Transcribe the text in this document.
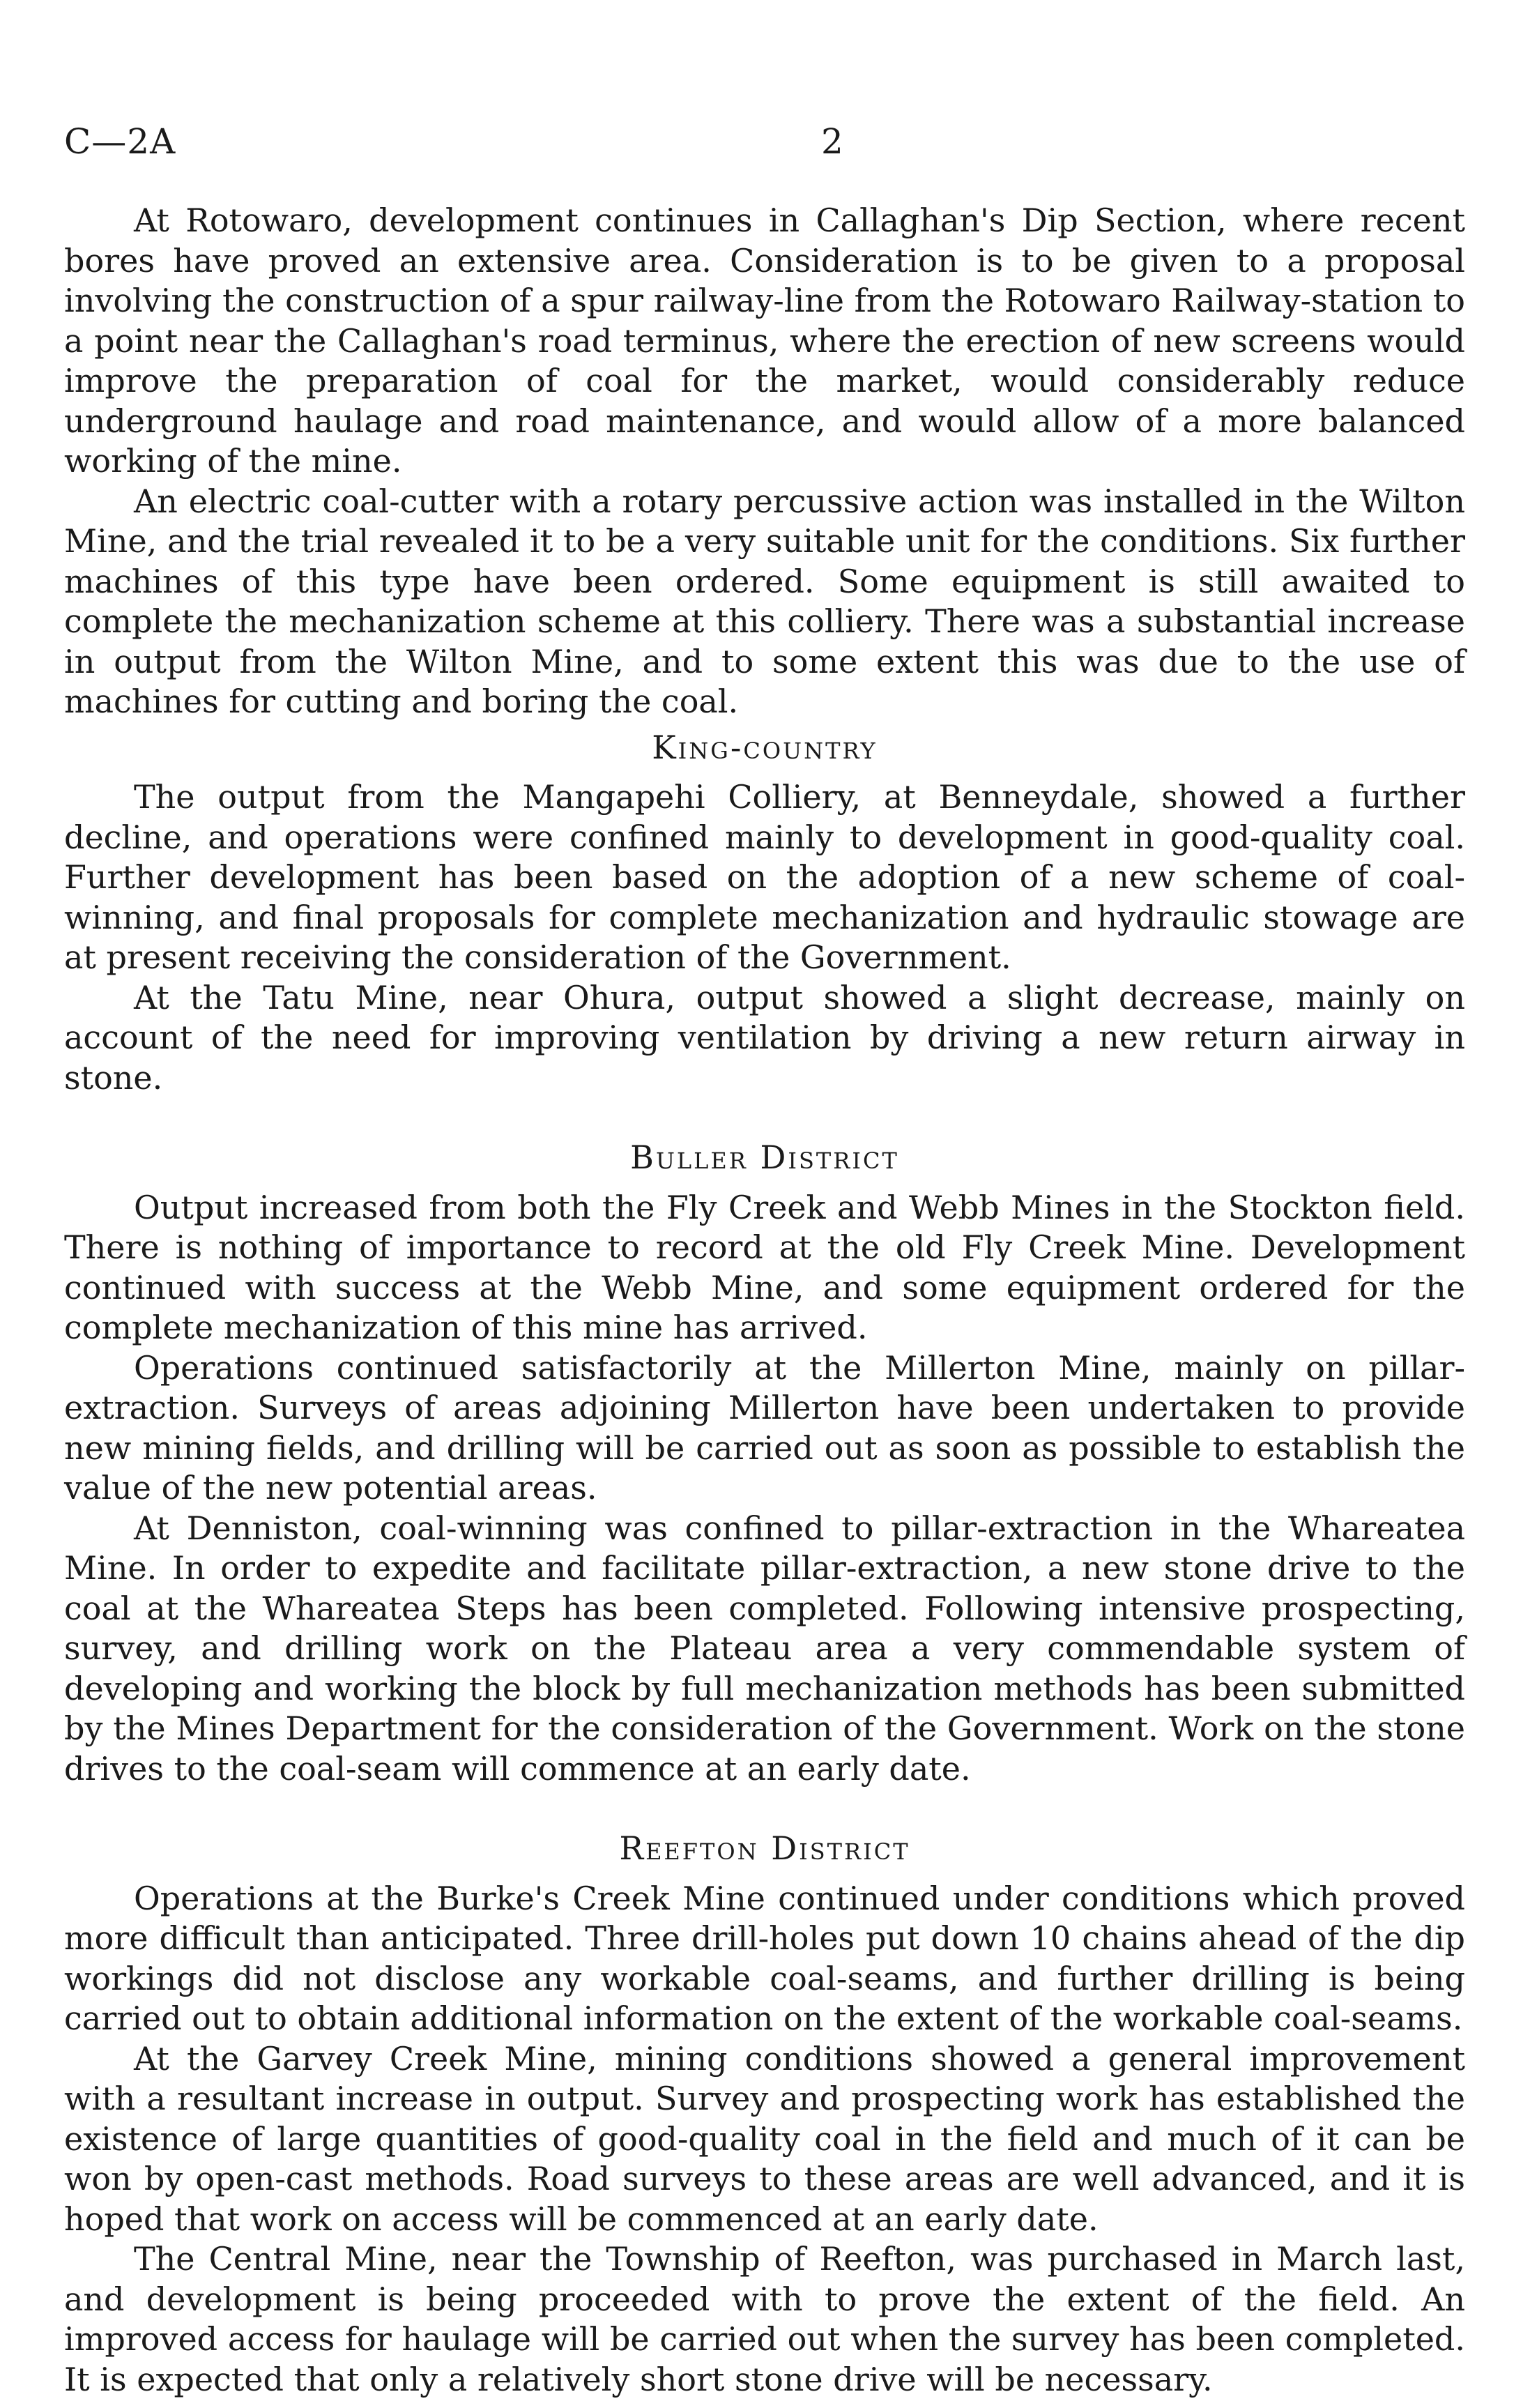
C—2A	2

At Rotowaro, development continues in Callaghan's Dip Section, where recent bores have proved an extensive area. Consideration is to be given to a proposal involving the construction of a spur railway-line from the Rotowaro Railway-station to a point near the Callaghan's road terminus, where the erection of new screens would improve the preparation of coal for the market, would considerably reduce underground haulage and road maintenance, and would allow of a more balanced working of the mine.

An electric coal-cutter with a rotary percussive action was installed in the Wilton Mine, and the trial revealed it to be a very suitable unit for the conditions. Six further machines of this type have been ordered. Some equipment is still awaited to complete the mechanization scheme at this colliery. There was a substantial increase in output from the Wilton Mine, and to some extent this was due to the use of machines for cutting and boring the coal.

King-country

The output from the Mangapehi Colliery, at Benneydale, showed a further decline, and operations were confined mainly to development in good-quality coal. Further development has been based on the adoption of a new scheme of coal-winning, and final proposals for complete mechanization and hydraulic stowage are at present receiving the consideration of the Government.

At the Tatu Mine, near Ohura, output showed a slight decrease, mainly on account of the need for improving ventilation by driving a new return airway in stone.

Buller District

Output increased from both the Fly Creek and Webb Mines in the Stockton field. There is nothing of importance to record at the old Fly Creek Mine. Development continued with success at the Webb Mine, and some equipment ordered for the complete mechanization of this mine has arrived.

Operations continued satisfactorily at the Millerton Mine, mainly on pillar-extraction. Surveys of areas adjoining Millerton have been undertaken to provide new mining fields, and drilling will be carried out as soon as possible to establish the value of the new potential areas.

At Denniston, coal-winning was confined to pillar-extraction in the Whareatea Mine. In order to expedite and facilitate pillar-extraction, a new stone drive to the coal at the Whareatea Steps has been completed. Following intensive prospecting, survey, and drilling work on the Plateau area a very commendable system of developing and working the block by full mechanization methods has been submitted by the Mines Department for the consideration of the Government. Work on the stone drives to the coal-seam will commence at an early date.

Reefton District

Operations at the Burke's Creek Mine continued under conditions which proved more difficult than anticipated. Three drill-holes put down 10 chains ahead of the dip workings did not disclose any workable coal-seams, and further drilling is being carried out to obtain additional information on the extent of the workable coal-seams.

At the Garvey Creek Mine, mining conditions showed a general improvement with a resultant increase in output. Survey and prospecting work has established the existence of large quantities of good-quality coal in the field and much of it can be won by open-cast methods. Road surveys to these areas are well advanced, and it is hoped that work on access will be commenced at an early date.

The Central Mine, near the Township of Reefton, was purchased in March last, and development is being proceeded with to prove the extent of the field. An improved access for haulage will be carried out when the survey has been completed. It is expected that only a relatively short stone drive will be necessary.
